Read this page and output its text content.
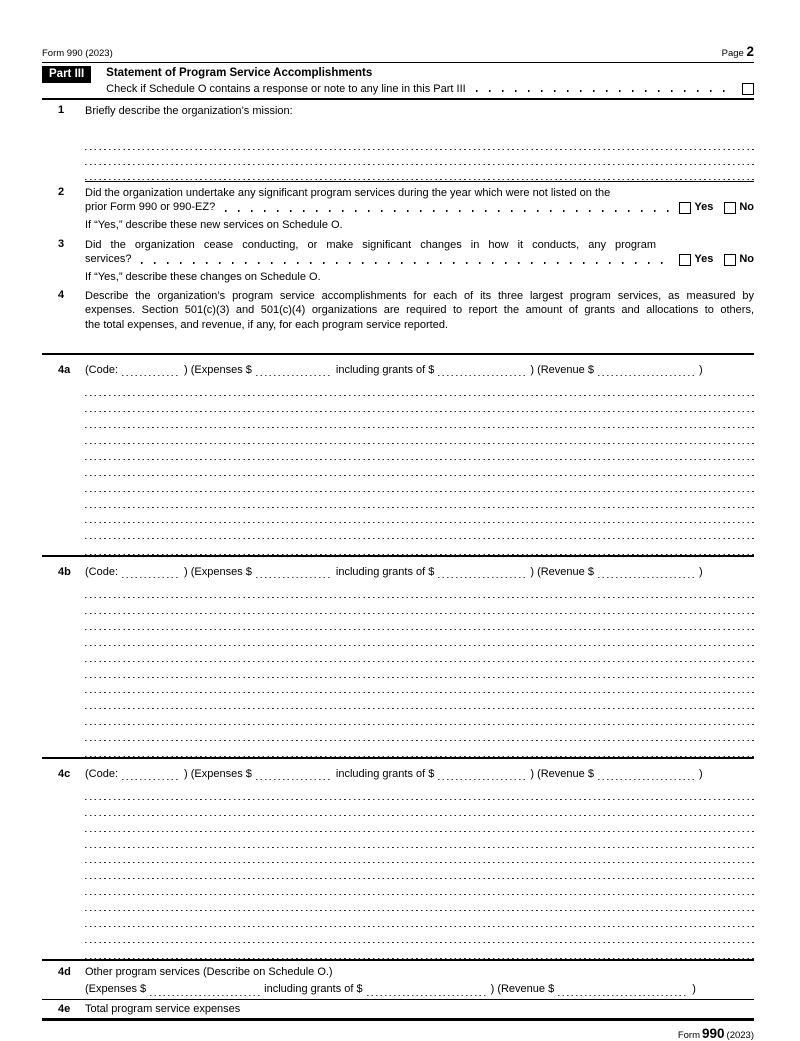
Form 990 (2023)	Page 2
Part III	Statement of Program Service Accomplishments
Check if Schedule O contains a response or note to any line in this Part III
1	Briefly describe the organization’s mission:
2	Did the organization undertake any significant program services during the year which were not listed on the
prior Form 990 or 990-EZ?	Yes No
If “Yes,” describe these new services on Schedule O.
3	Did the organization cease conducting, or make significant changes in how it conducts, any program
services?	Yes No
If “Yes,” describe these changes on Schedule O.
4	Describe the organization’s program service accomplishments for each of its three largest program services, as measured by
expenses. Section 501(c)(3) and 501(c)(4) organizations are required to report the amount of grants and allocations to others,
the total expenses, and revenue, if any, for each program service reported.
4a	(Code:	) (Expenses $	including grants of $	) (Revenue $	)
4b	(Code:	) (Expenses $	including grants of $	) (Revenue $	)
4c	(Code:	) (Expenses $	including grants of $	) (Revenue $	)
4d	Other program services (Describe on Schedule O.)
(Expenses $	including grants of $	) (Revenue $	)
4e	Total program service expenses
Form 990 (2023)
